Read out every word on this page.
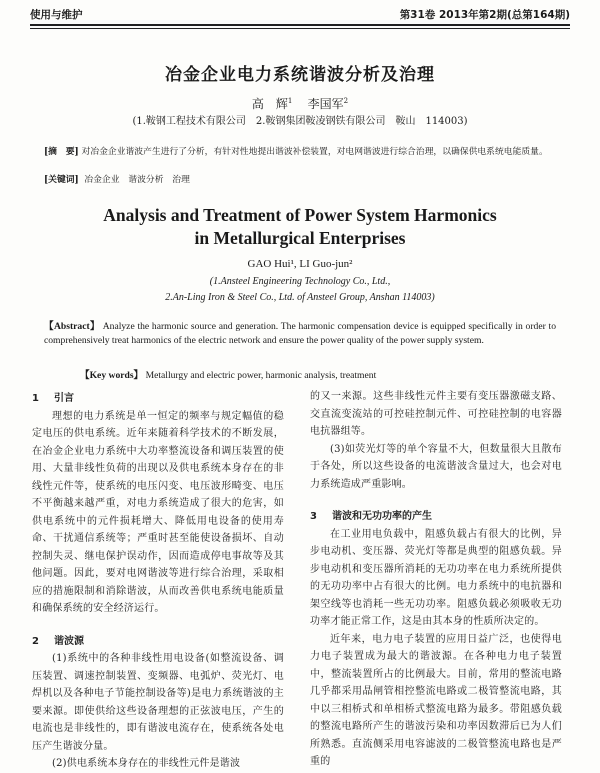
使用与维护	第31卷 2013年第2期(总第164期)
冶金企业电力系统谐波分析及治理
高　辉$^1$ 李国军$^2$
(1.鞍钢工程技术有限公司　2.鞍钢集团鞍凌钢铁有限公司　鞍山　114003)
[摘　要] 对冶金企业谐波产生进行了分析，有针对性地提出谐波补偿装置，对电网谐波进行综合治理，以确保供电系统电能质量。
[关键词] 冶金企业　谐波分析　治理
Analysis and Treatment of Power System Harmonics
in Metallurgical Enterprises
GAO Hui¹, LI Guo-jun²
(1.Ansteel Engineering Technology Co., Ltd.,
2.An-Ling Iron & Steel Co., Ltd. of Ansteel Group, Anshan 114003)
【Abstract】 Analyze the harmonic source and generation. The harmonic compensation device is equipped specifically in order to comprehensively treat harmonics of the electric network and ensure the power quality of the power supply system.
【Key words】 Metallurgy and electric power, harmonic analysis, treatment
1 引言

理想的电力系统是单一恒定的频率与规定幅值的稳定电压的供电系统。近年来随着科学技术的不断发展，在冶金企业电力系统中大功率整流设备和调压装置的使用、大量非线性负荷的出现以及供电系统本身存在的非线性元件等，使系统的电压闪变、电压波形畸变、电压不平衡越来越严重，对电力系统造成了很大的危害，如供电系统中的元件损耗增大、降低用电设备的使用寿命、干扰通信系统等；严重时甚至能使设备损坏、自动控制失灵、继电保护误动作，因而造成停电事故等及其他问题。因此，要对电网谐波等进行综合治理，采取相应的措施限制和消除谐波，从而改善供电系统电能质量和确保系统的安全经济运行。

2 谐波源

(1)系统中的各种非线性用电设备(如整流设备、调压装置、调速控制装置、变频器、电弧炉、荧光灯、电焊机以及各种电子节能控制设备等)是电力系统谐波的主要来源。即使供给这些设备理想的正弦波电压，产生的电流也是非线性的，即有谐波电流存在，使系统各处电压产生谐波分量。

(2)供电系统本身存在的非线性元件是谐波

的又一来源。这些非线性元件主要有变压器激磁支路、交直流变流站的可控硅控制元件、可控硅控制的电容器电抗器组等。

(3)如荧光灯等的单个容量不大，但数量很大且散布于各处，所以这些设备的电流谐波含量过大，也会对电力系统造成严重影响。

3 谐波和无功功率的产生

在工业用电负载中，阻感负载占有很大的比例，异步电动机、变压器、荧光灯等都是典型的阻感负载。异步电动机和变压器所消耗的无功功率在电力系统所提供的无功功率中占有很大的比例。电力系统中的电抗器和架空线等也消耗一些无功功率。阻感负载必须吸收无功功率才能正常工作，这是由其本身的性质所决定的。

近年来，电力电子装置的应用日益广泛，也使得电力电子装置成为最大的谐波源。在各种电力电子装置中，整流装置所占的比例最大。目前，常用的整流电路几乎都采用晶闸管相控整流电路或二极管整流电路，其中以三相桥式和单相桥式整流电路为最多。带阻感负载的整流电路所产生的谐波污染和功率因数滞后已为人们所熟悉。直流侧采用电容滤波的二极管整流电路也是严重的
